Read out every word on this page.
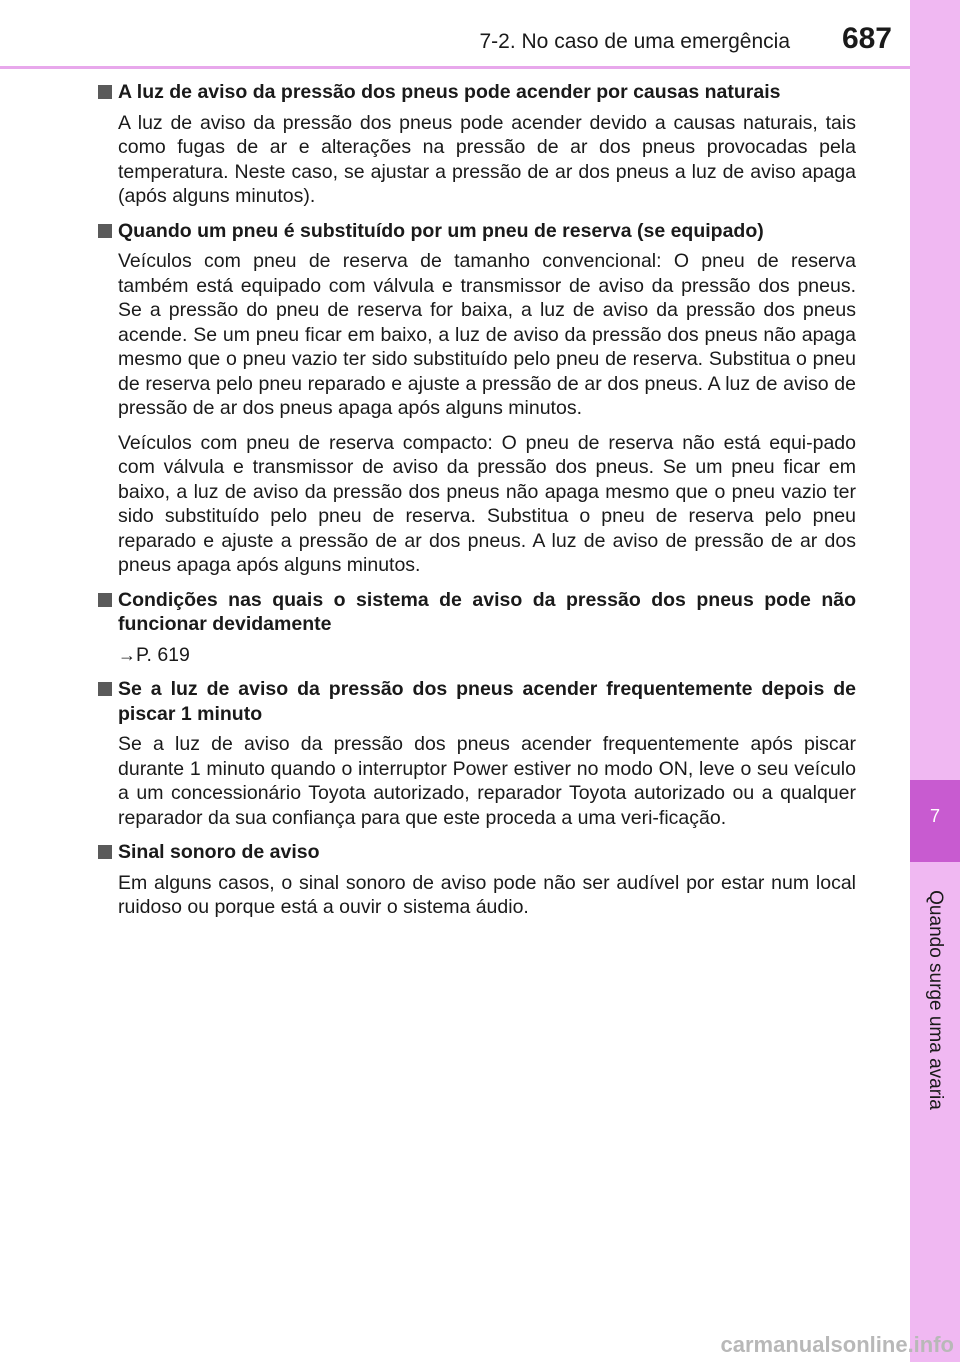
7-2. No caso de uma emergência 687
7
Quando surge uma avaria
A luz de aviso da pressão dos pneus pode acender por causas naturais

A luz de aviso da pressão dos pneus pode acender devido a causas naturais, tais como fugas de ar e alterações na pressão de ar dos pneus provocadas pela temperatura. Neste caso, se ajustar a pressão de ar dos pneus a luz de aviso apaga (após alguns minutos).

Quando um pneu é substituído por um pneu de reserva (se equipado)

Veículos com pneu de reserva de tamanho convencional: O pneu de reserva também está equipado com válvula e transmissor de aviso da pressão dos pneus. Se a pressão do pneu de reserva for baixa, a luz de aviso da pressão dos pneus acende. Se um pneu ficar em baixo, a luz de aviso da pressão dos pneus não apaga mesmo que o pneu vazio ter sido substituído pelo pneu de reserva. Substitua o pneu de reserva pelo pneu reparado e ajuste a pressão de ar dos pneus. A luz de aviso de pressão de ar dos pneus apaga após alguns minutos.

Veículos com pneu de reserva compacto: O pneu de reserva não está equi-pado com válvula e transmissor de aviso da pressão dos pneus. Se um pneu ficar em baixo, a luz de aviso da pressão dos pneus não apaga mesmo que o pneu vazio ter sido substituído pelo pneu de reserva. Substitua o pneu de reserva pelo pneu reparado e ajuste a pressão de ar dos pneus. A luz de aviso de pressão de ar dos pneus apaga após alguns minutos.

Condições nas quais o sistema de aviso da pressão dos pneus pode não funcionar devidamente

→P. 619

Se a luz de aviso da pressão dos pneus acender frequentemente depois de piscar 1 minuto

Se a luz de aviso da pressão dos pneus acender frequentemente após piscar durante 1 minuto quando o interruptor Power estiver no modo ON, leve o seu veículo a um concessionário Toyota autorizado, reparador Toyota autorizado ou a qualquer reparador da sua confiança para que este proceda a uma veri-ficação.

Sinal sonoro de aviso

Em alguns casos, o sinal sonoro de aviso pode não ser audível por estar num local ruidoso ou porque está a ouvir o sistema áudio.

carmanualsonline.info
